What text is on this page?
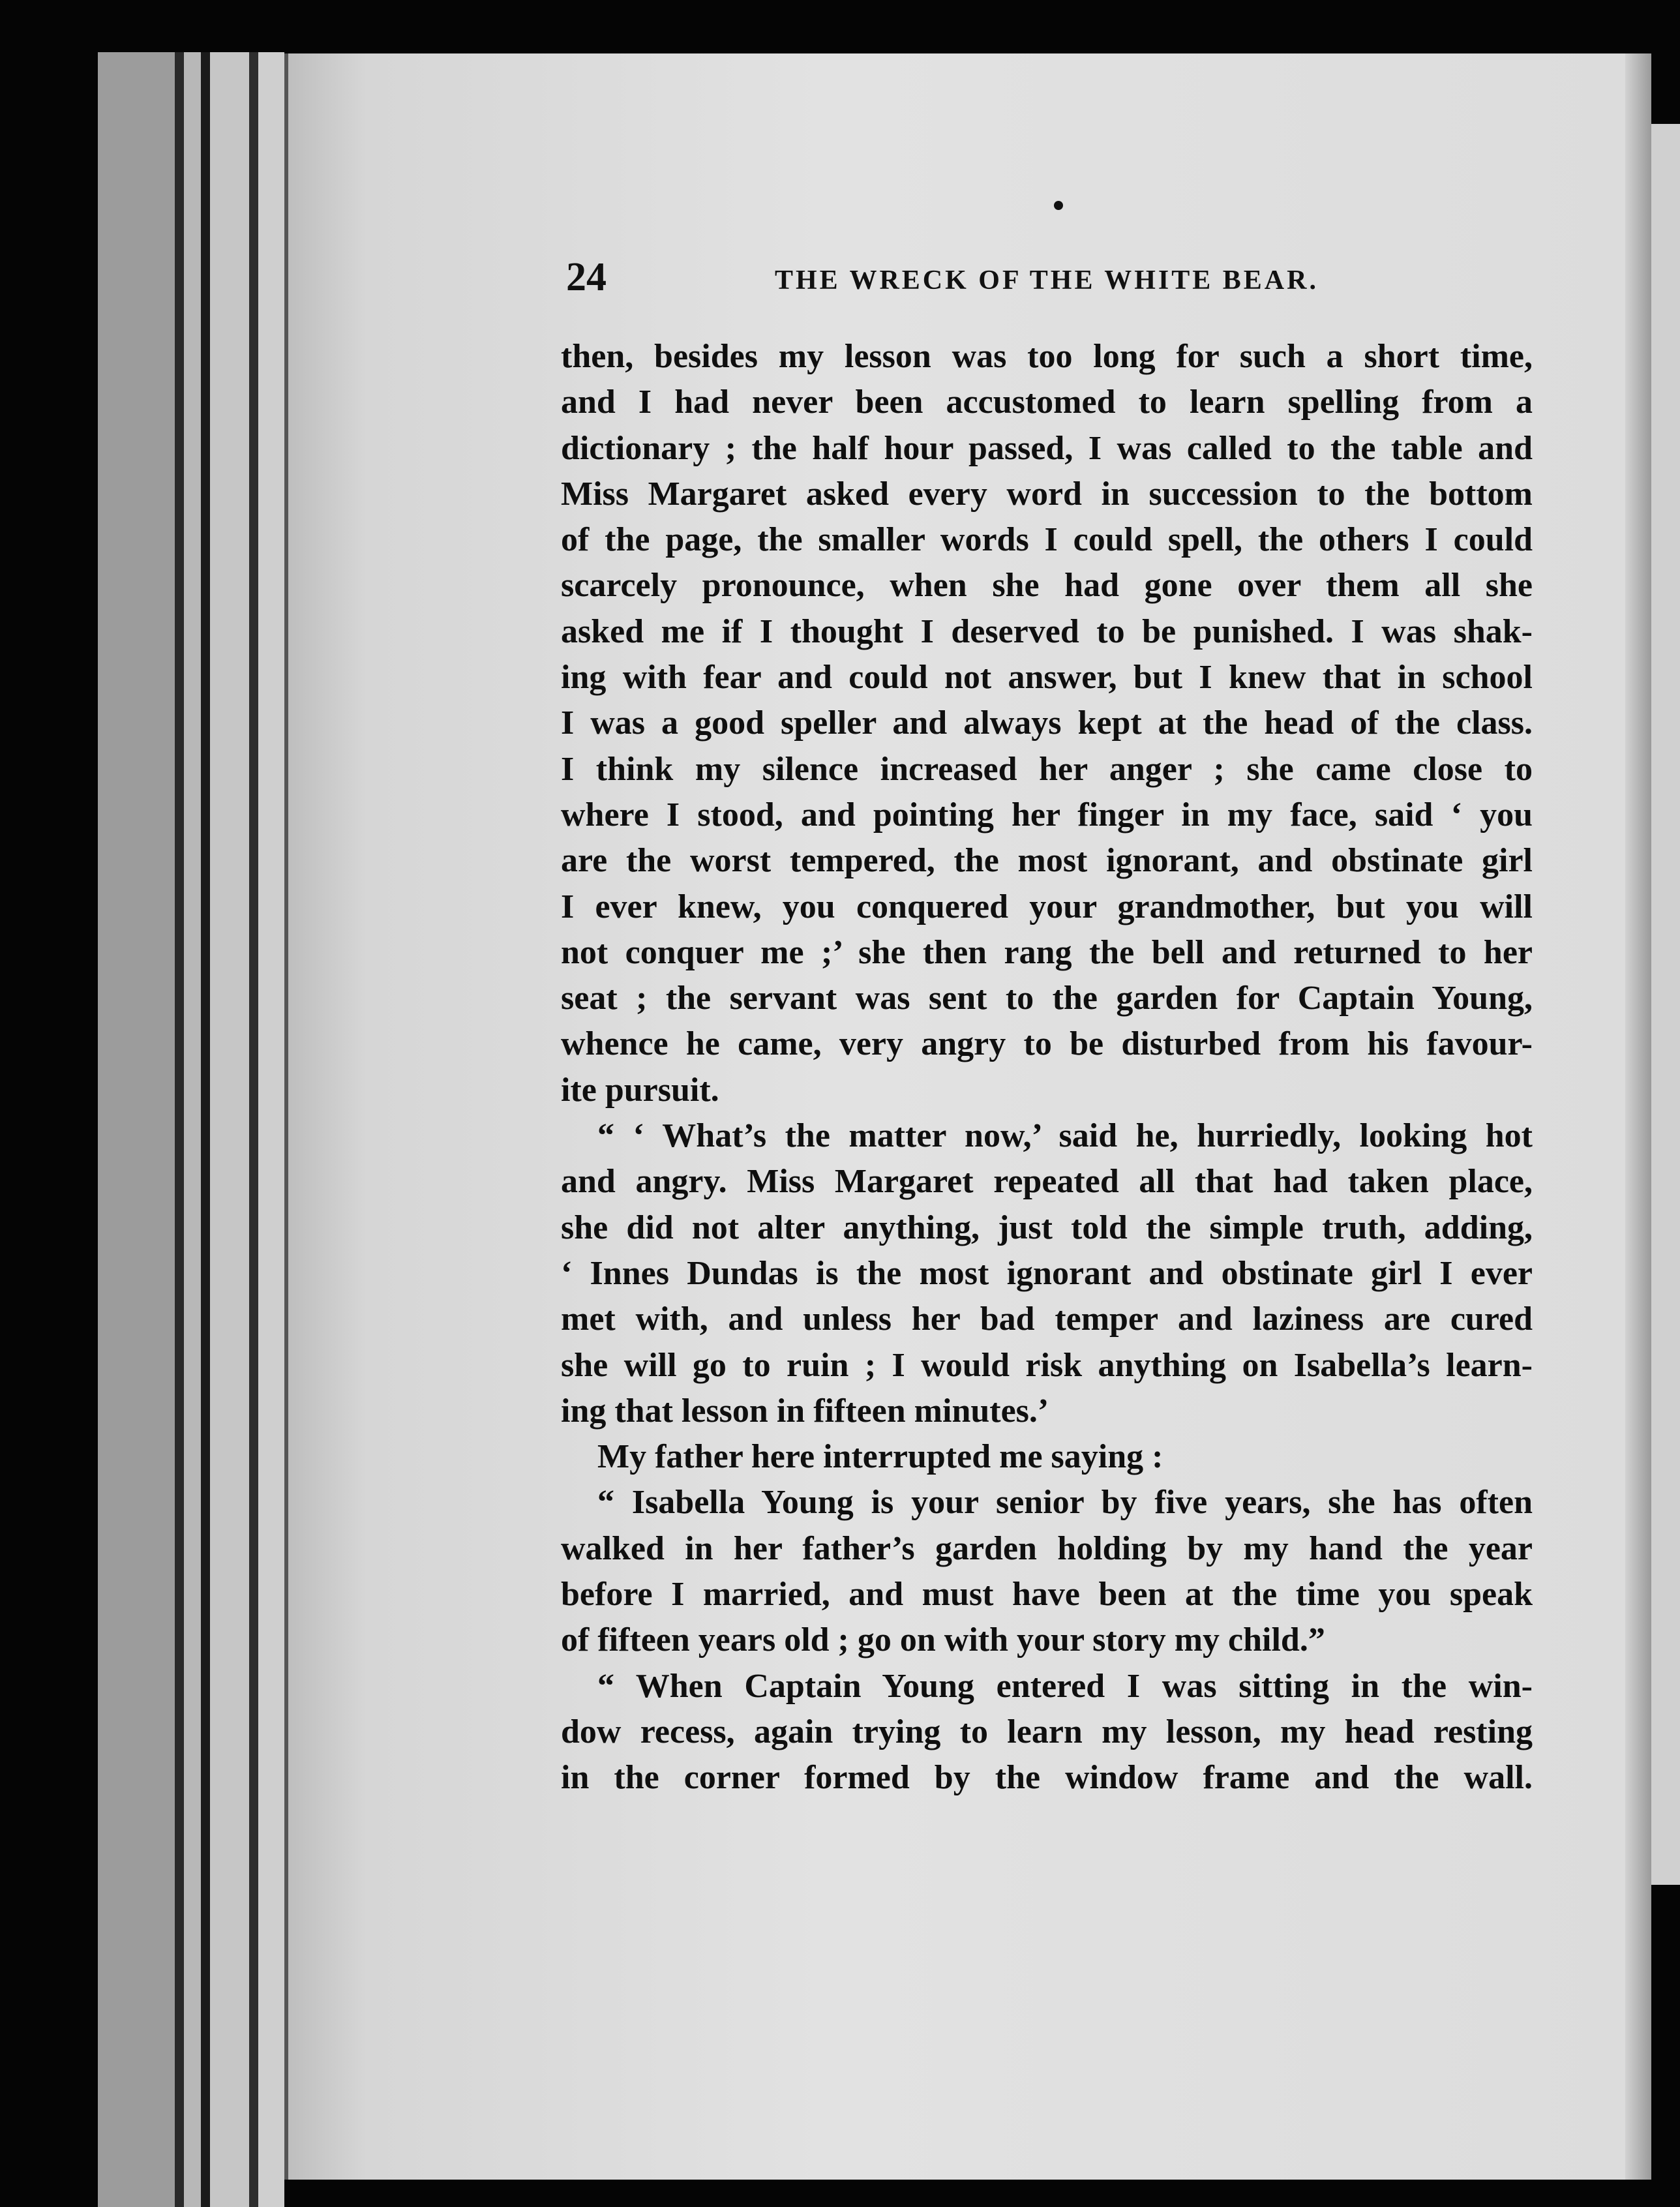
24	THE WRECK OF THE WHITE BEAR.
then, besides my lesson was too long for such a short time,
and I had never been accustomed to learn spelling from a
dictionary ; the half hour passed, I was called to the table and
Miss Margaret asked every word in succession to the bottom
of the page, the smaller words I could spell, the others I could
scarcely pronounce, when she had gone over them all she
asked me if I thought I deserved to be punished. I was shak-
ing with fear and could not answer, but I knew that in school
I was a good speller and always kept at the head of the class.
I think my silence increased her anger ; she came close to
where I stood, and pointing her finger in my face, said ‘ you
are the worst tempered, the most ignorant, and obstinate girl
I ever knew, you conquered your grandmother, but you will
not conquer me ;’ she then rang the bell and returned to her
seat ; the servant was sent to the garden for Captain Young,
whence he came, very angry to be disturbed from his favour-
ite pursuit.
“ ‘ What’s the matter now,’ said he, hurriedly, looking hot
and angry. Miss Margaret repeated all that had taken place,
she did not alter anything, just told the simple truth, adding,
‘ Innes Dundas is the most ignorant and obstinate girl I ever
met with, and unless her bad temper and laziness are cured
she will go to ruin ; I would risk anything on Isabella’s learn-
ing that lesson in fifteen minutes.’
My father here interrupted me saying :
“ Isabella Young is your senior by five years, she has often
walked in her father’s garden holding by my hand the year
before I married, and must have been at the time you speak
of fifteen years old ; go on with your story my child.”
“ When Captain Young entered I was sitting in the win-
dow recess, again trying to learn my lesson, my head resting
in the corner formed by the window frame and the wall.
